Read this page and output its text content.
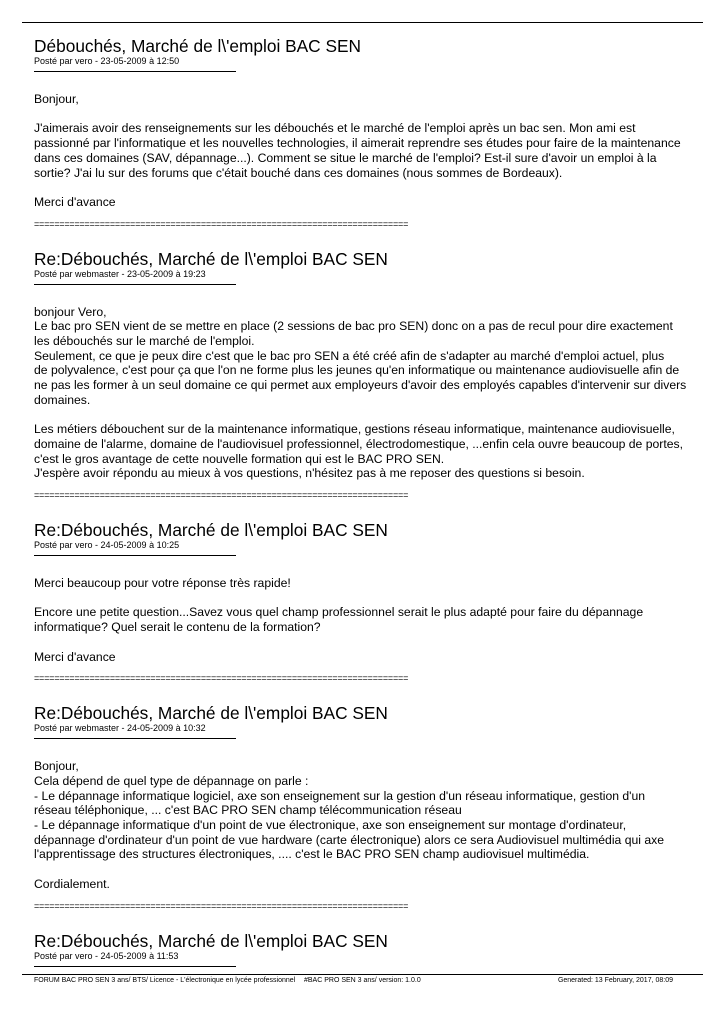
Débouchés, Marché de l\'emploi BAC SEN
Posté par vero - 23-05-2009 à 12:50

Bonjour,

J'aimerais avoir des renseignements sur les débouchés et le marché de l'emploi après un bac sen. Mon ami est
passionné par l'informatique et les nouvelles technologies, il aimerait reprendre ses études pour faire de la maintenance
dans ces domaines (SAV, dépannage...). Comment se situe le marché de l'emploi? Est-il sure d'avoir un emploi à la
sortie? J'ai lu sur des forums que c'était bouché dans ces domaines (nous sommes de Bordeaux).

Merci d'avance

==========================================================================
Re:Débouchés, Marché de l\'emploi BAC SEN
Posté par webmaster - 23-05-2009 à 19:23

bonjour Vero,
Le bac pro SEN vient de se mettre en place (2 sessions de bac pro SEN) donc on a pas de recul pour dire exactement
les débouchés sur le marché de l'emploi.
Seulement, ce que je peux dire c'est que le bac pro SEN a été créé afin de s'adapter au marché d'emploi actuel, plus
de polyvalence, c'est pour ça que l'on ne forme plus les jeunes qu'en informatique ou maintenance audiovisuelle afin de
ne pas les former à un seul domaine ce qui permet aux employeurs d'avoir des employés capables d'intervenir sur divers
domaines.

Les métiers débouchent sur de la maintenance informatique, gestions réseau informatique, maintenance audiovisuelle,
domaine de l'alarme, domaine de l'audiovisuel professionnel, électrodomestique, ...enfin cela ouvre beaucoup de portes,
c'est le gros avantage de cette nouvelle formation qui est le BAC PRO SEN.
J'espère avoir répondu au mieux à vos questions, n'hésitez pas à me reposer des questions si besoin.

==========================================================================
Re:Débouchés, Marché de l\'emploi BAC SEN
Posté par vero - 24-05-2009 à 10:25

Merci beaucoup pour votre réponse très rapide!

Encore une petite question...Savez vous quel champ professionnel serait le plus adapté pour faire du dépannage
informatique? Quel serait le contenu de la formation?

Merci d'avance

==========================================================================
Re:Débouchés, Marché de l\'emploi BAC SEN
Posté par webmaster - 24-05-2009 à 10:32

Bonjour,
Cela dépend de quel type de dépannage on parle :
- Le dépannage informatique logiciel, axe son enseignement sur la gestion d'un réseau informatique, gestion d'un
réseau téléphonique, ... c'est BAC PRO SEN champ télécommunication réseau
- Le dépannage informatique d'un point de vue électronique, axe son enseignement sur montage d'ordinateur,
dépannage d'ordinateur d'un point de vue hardware (carte électronique) alors ce sera Audiovisuel multimédia qui axe
l'apprentissage des structures électroniques, .... c'est le BAC PRO SEN champ audiovisuel multimédia.

Cordialement.

==========================================================================
Re:Débouchés, Marché de l\'emploi BAC SEN
Posté par vero - 24-05-2009 à 11:53
FORUM BAC PRO SEN 3 ans/ BTS/ Licence - L'électronique en lycée professionnel #BAC PRO SEN 3 ans/ version: 1.0.0	Generated: 13 February, 2017, 08:09
